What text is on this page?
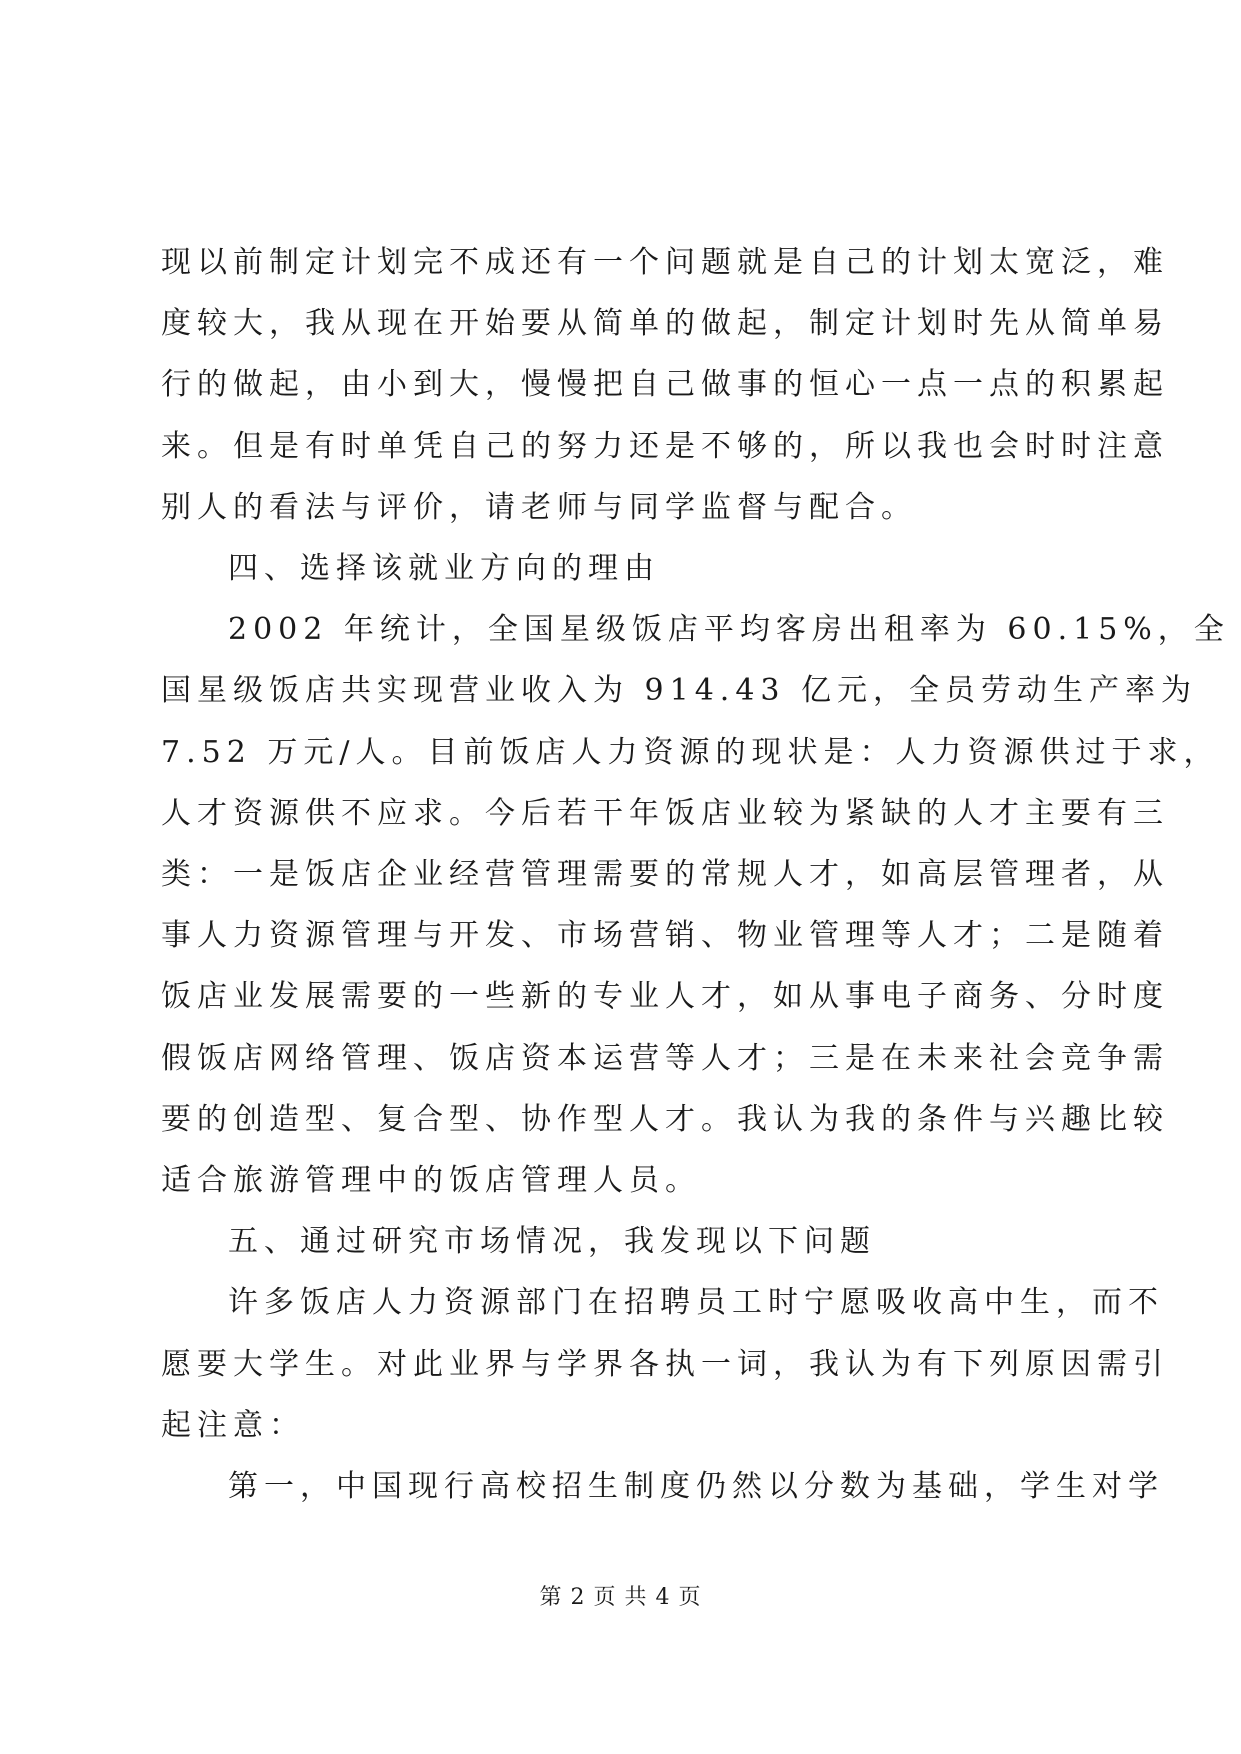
现以前制定计划完不成还有一个问题就是自己的计划太宽泛，难
度较大，我从现在开始要从简单的做起，制定计划时先从简单易
行的做起，由小到大，慢慢把自己做事的恒心一点一点的积累起
来。但是有时单凭自己的努力还是不够的，所以我也会时时注意
别人的看法与评价，请老师与同学监督与配合。

四、选择该就业方向的理由

2002 年统计，全国星级饭店平均客房出租率为 60.15%，全
国星级饭店共实现营业收入为 914.43 亿元，全员劳动生产率为
7.52 万元/人。目前饭店人力资源的现状是：人力资源供过于求，
人才资源供不应求。今后若干年饭店业较为紧缺的人才主要有三
类：一是饭店企业经营管理需要的常规人才，如高层管理者，从
事人力资源管理与开发、市场营销、物业管理等人才；二是随着
饭店业发展需要的一些新的专业人才，如从事电子商务、分时度
假饭店网络管理、饭店资本运营等人才；三是在未来社会竞争需
要的创造型、复合型、协作型人才。我认为我的条件与兴趣比较
适合旅游管理中的饭店管理人员。

五、通过研究市场情况，我发现以下问题

许多饭店人力资源部门在招聘员工时宁愿吸收高中生，而不
愿要大学生。对此业界与学界各执一词，我认为有下列原因需引
起注意：

第一，中国现行高校招生制度仍然以分数为基础，学生对学

第 2 页 共 4 页
